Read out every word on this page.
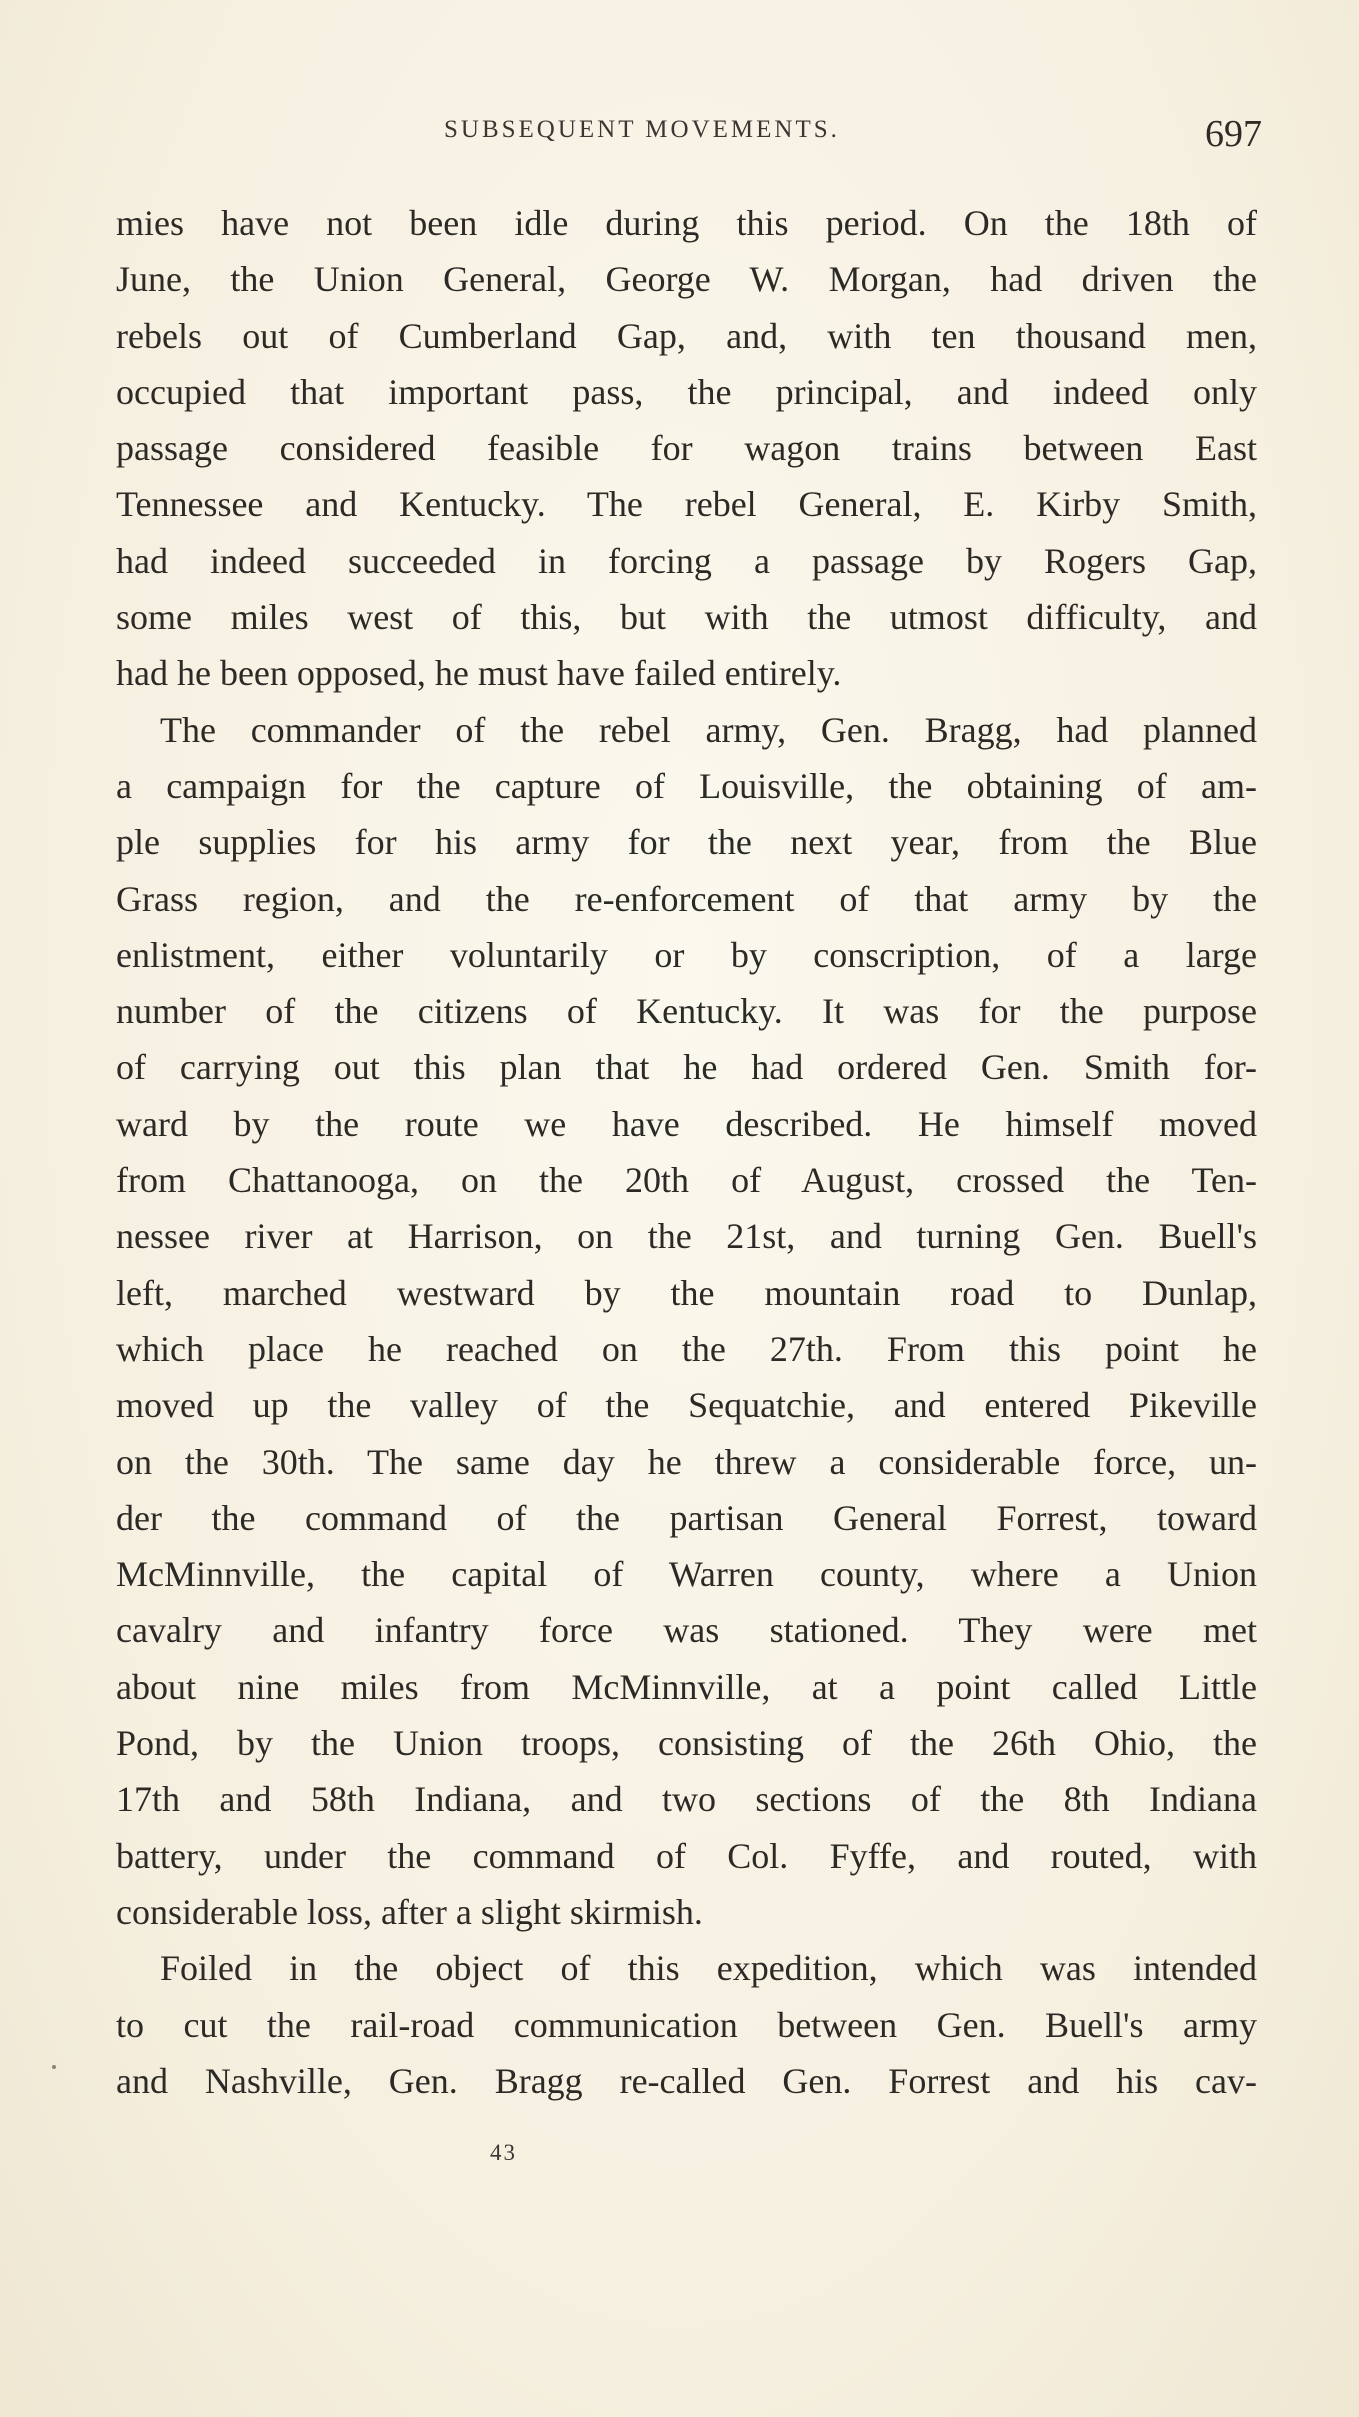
SUBSEQUENT MOVEMENTS.	697
mies have not been idle during this period. On the 18th of
June, the Union General, George W. Morgan, had driven the
rebels out of Cumberland Gap, and, with ten thousand men,
occupied that important pass, the principal, and indeed only
passage considered feasible for wagon trains between East
Tennessee and Kentucky. The rebel General, E. Kirby Smith,
had indeed succeeded in forcing a passage by Rogers Gap,
some miles west of this, but with the utmost difficulty, and
had he been opposed, he must have failed entirely.
The commander of the rebel army, Gen. Bragg, had planned
a campaign for the capture of Louisville, the obtaining of am-
ple supplies for his army for the next year, from the Blue
Grass region, and the re-enforcement of that army by the
enlistment, either voluntarily or by conscription, of a large
number of the citizens of Kentucky. It was for the purpose
of carrying out this plan that he had ordered Gen. Smith for-
ward by the route we have described. He himself moved
from Chattanooga, on the 20th of August, crossed the Ten-
nessee river at Harrison, on the 21st, and turning Gen. Buell's
left, marched westward by the mountain road to Dunlap,
which place he reached on the 27th. From this point he
moved up the valley of the Sequatchie, and entered Pikeville
on the 30th. The same day he threw a considerable force, un-
der the command of the partisan General Forrest, toward
McMinnville, the capital of Warren county, where a Union
cavalry and infantry force was stationed. They were met
about nine miles from McMinnville, at a point called Little
Pond, by the Union troops, consisting of the 26th Ohio, the
17th and 58th Indiana, and two sections of the 8th Indiana
battery, under the command of Col. Fyffe, and routed, with
considerable loss, after a slight skirmish.
Foiled in the object of this expedition, which was intended
to cut the rail-road communication between Gen. Buell's army
and Nashville, Gen. Bragg re-called Gen. Forrest and his cav-
43
